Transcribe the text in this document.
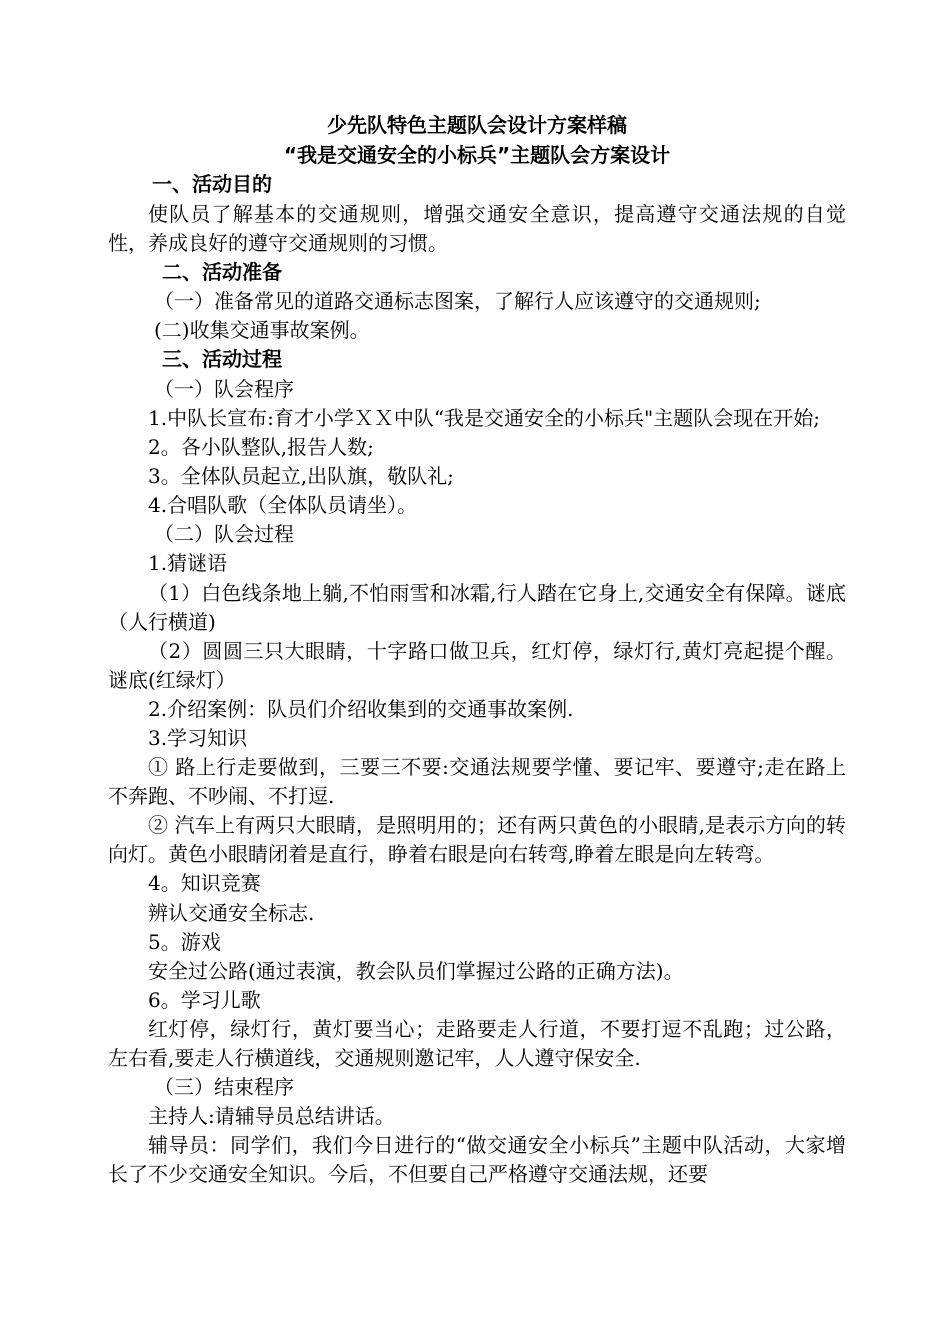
少先队特色主题队会设计方案样稿
“我是交通安全的小标兵”主题队会方案设计
一、活动目的
使队员了解基本的交通规则，增强交通安全意识，提高遵守交通法规的自觉性，养成良好的遵守交通规则的习惯。
二、活动准备
（一）准备常见的道路交通标志图案，了解行人应该遵守的交通规则;
(二)收集交通事故案例。
三、活动过程
（一）队会程序
1.中队长宣布:育才小学ＸＸ中队“我是交通安全的小标兵"主题队会现在开始;
2。各小队整队,报告人数;
3。全体队员起立,出队旗，敬队礼;
4.合唱队歌（全体队员请坐）。
（二）队会过程
1.猜谜语
（1）白色线条地上躺,不怕雨雪和冰霜,行人踏在它身上,交通安全有保障。谜底（人行横道)
（2）圆圆三只大眼睛，十字路口做卫兵，红灯停，绿灯行,黄灯亮起提个醒。谜底(红绿灯）
2.介绍案例：队员们介绍收集到的交通事故案例.
3.学习知识
① 路上行走要做到，三要三不要:交通法规要学懂、要记牢、要遵守;走在路上不奔跑、不吵闹、不打逗.
② 汽车上有两只大眼睛，是照明用的；还有两只黄色的小眼睛,是表示方向的转向灯。黄色小眼睛闭着是直行，睁着右眼是向右转弯,睁着左眼是向左转弯。
4。知识竞赛
辨认交通安全标志.
5。游戏
安全过公路(通过表演，教会队员们掌握过公路的正确方法)。
6。学习儿歌
红灯停，绿灯行，黄灯要当心；走路要走人行道，不要打逗不乱跑；过公路，左右看,要走人行横道线，交通规则邀记牢，人人遵守保安全.
（三）结束程序
主持人:请辅导员总结讲话。
辅导员：同学们，我们今日进行的“做交通安全小标兵”主题中队活动，大家增长了不少交通安全知识。今后，不但要自己严格遵守交通法规，还要
